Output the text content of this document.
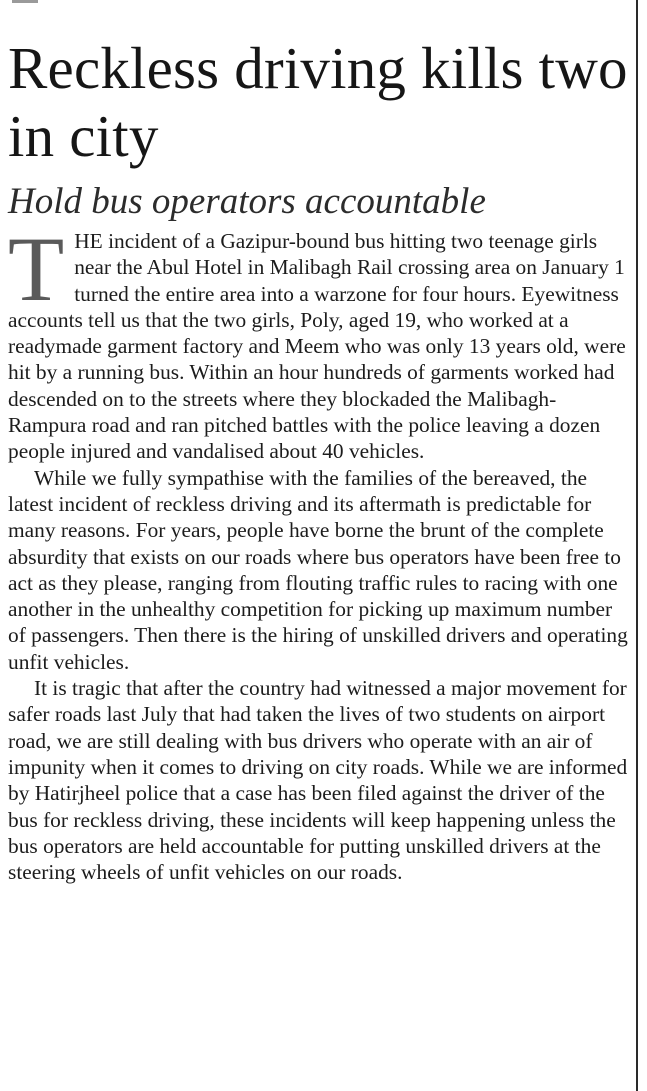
Reckless driving kills two in city
Hold bus operators accountable

THE incident of a Gazipur-bound bus hitting two teenage girls near the Abul Hotel in Malibagh Rail crossing area on January 1 turned the entire area into a warzone for four hours. Eyewitness accounts tell us that the two girls, Poly, aged 19, who worked at a readymade garment factory and Meem who was only 13 years old, were hit by a running bus. Within an hour hundreds of garments worked had descended on to the streets where they blockaded the Malibagh-Rampura road and ran pitched battles with the police leaving a dozen people injured and vandalised about 40 vehicles.

While we fully sympathise with the families of the bereaved, the latest incident of reckless driving and its aftermath is predictable for many reasons. For years, people have borne the brunt of the complete absurdity that exists on our roads where bus operators have been free to act as they please, ranging from flouting traffic rules to racing with one another in the unhealthy competition for picking up maximum number of passengers. Then there is the hiring of unskilled drivers and operating unfit vehicles.

It is tragic that after the country had witnessed a major movement for safer roads last July that had taken the lives of two students on airport road, we are still dealing with bus drivers who operate with an air of impunity when it comes to driving on city roads. While we are informed by Hatirjheel police that a case has been filed against the driver of the bus for reckless driving, these incidents will keep happening unless the bus operators are held accountable for putting unskilled drivers at the steering wheels of unfit vehicles on our roads.
